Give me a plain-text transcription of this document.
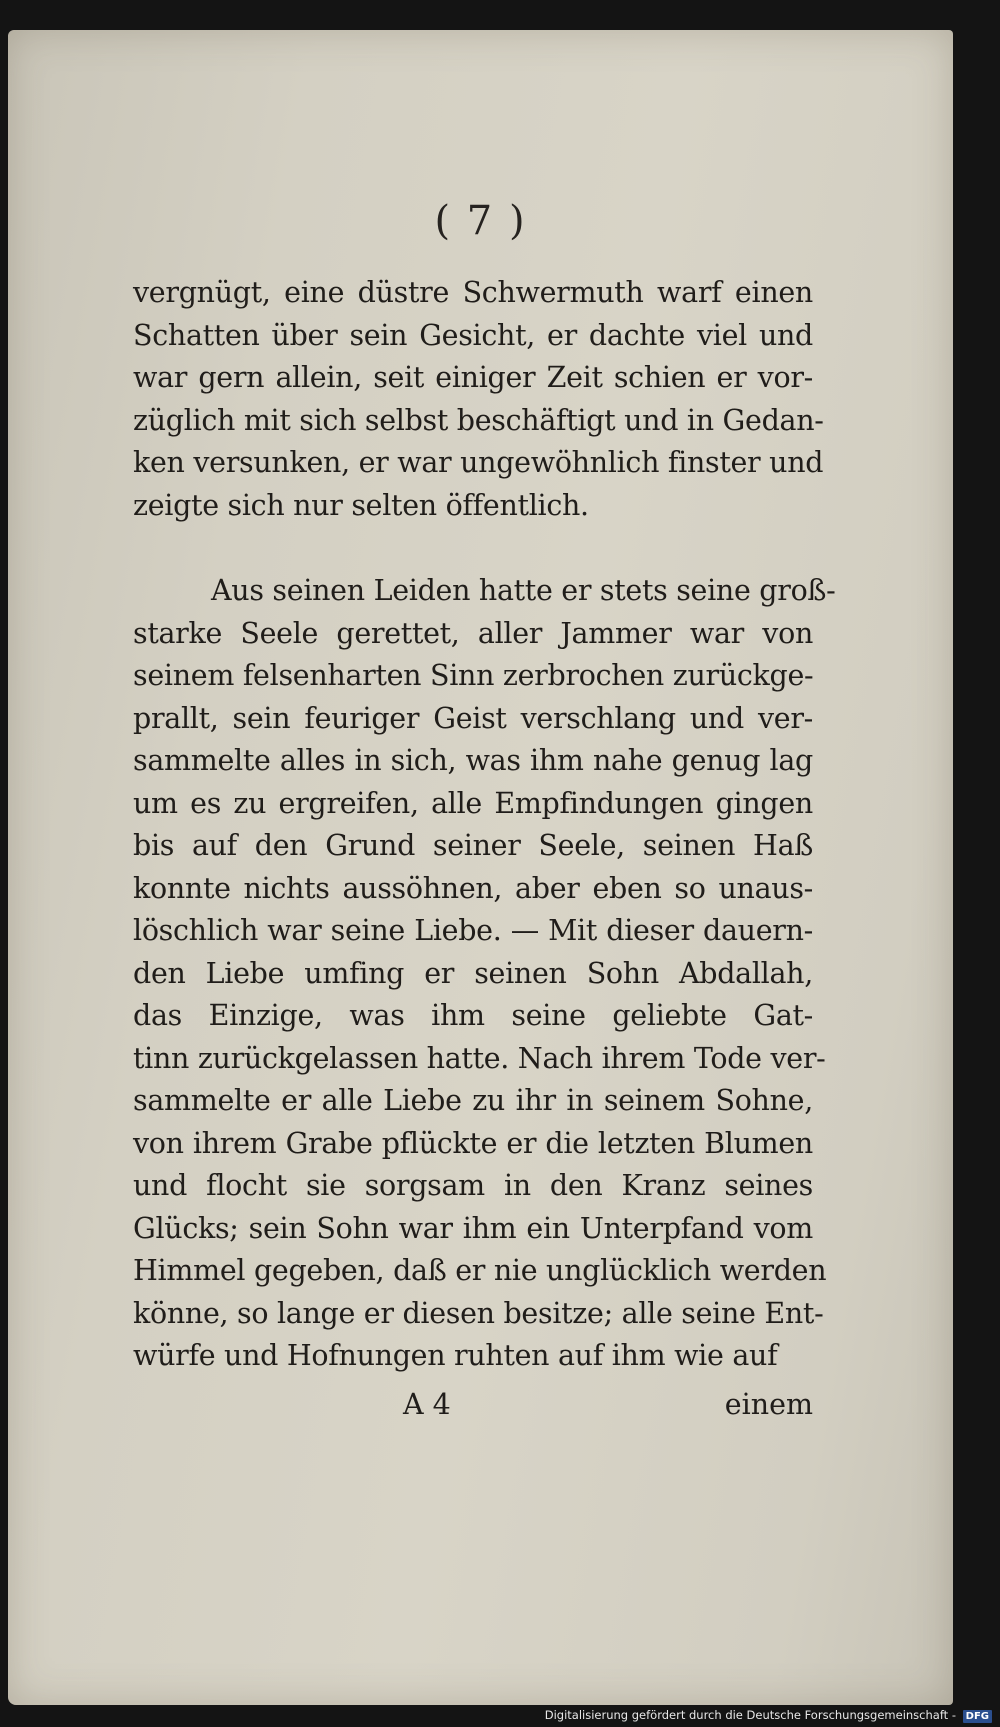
( 7 )
vergnügt, eine düstre Schwermuth warf einen
Schatten über sein Gesicht, er dachte viel und
war gern allein, seit einiger Zeit schien er vor-
züglich mit sich selbst beschäftigt und in Gedan-
ken versunken, er war ungewöhnlich finster und
zeigte sich nur selten öffentlich.
Aus seinen Leiden hatte er stets seine groß-
starke Seele gerettet, aller Jammer war von
seinem felsenharten Sinn zerbrochen zurückge-
prallt, sein feuriger Geist verschlang und ver-
sammelte alles in sich, was ihm nahe genug lag
um es zu ergreifen, alle Empfindungen gingen
bis auf den Grund seiner Seele, seinen Haß
konnte nichts aussöhnen, aber eben so unaus-
löschlich war seine Liebe. — Mit dieser dauern-
den Liebe umfing er seinen Sohn Abdallah,
das Einzige, was ihm seine geliebte Gat-
tinn zurückgelassen hatte. Nach ihrem Tode ver-
sammelte er alle Liebe zu ihr in seinem Sohne,
von ihrem Grabe pflückte er die letzten Blumen
und flocht sie sorgsam in den Kranz seines
Glücks; sein Sohn war ihm ein Unterpfand vom
Himmel gegeben, daß er nie unglücklich werden
könne, so lange er diesen besitze; alle seine Ent-
würfe und Hofnungen ruhten auf ihm wie auf
A 4	einem
Digitalisierung gefördert durch die Deutsche Forschungsgemeinschaft - DFG
